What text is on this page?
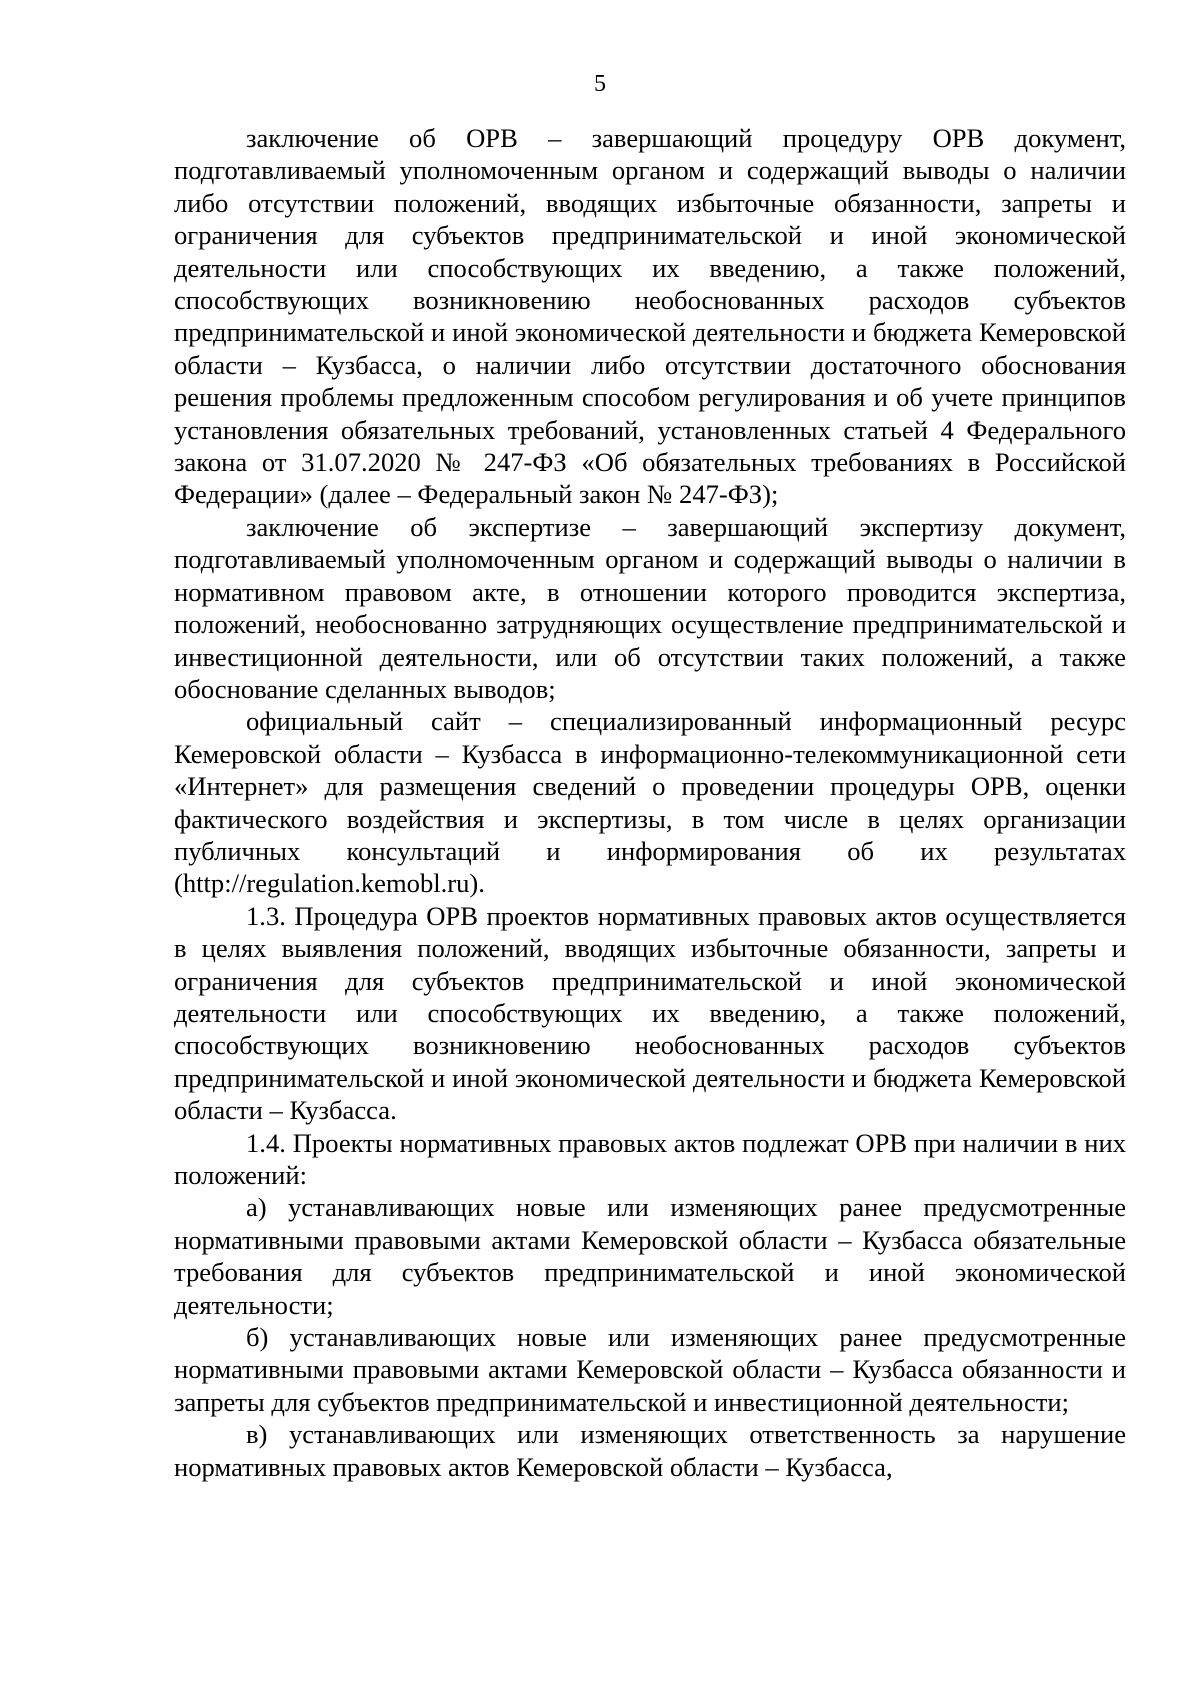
5

заключение об ОРВ – завершающий процедуру ОРВ документ, подготавливаемый уполномоченным органом и содержащий выводы о наличии либо отсутствии положений, вводящих избыточные обязанности, запреты и ограничения для субъектов предпринимательской и иной экономической деятельности или способствующих их введению, а также положений, способствующих возникновению необоснованных расходов субъектов предпринимательской и иной экономической деятельности и бюджета Кемеровской области – Кузбасса, о наличии либо отсутствии достаточного обоснования решения проблемы предложенным способом регулирования и об учете принципов установления обязательных требований, установленных статьей 4 Федерального закона от 31.07.2020 № 247-ФЗ «Об обязательных требованиях в Российской Федерации» (далее – Федеральный закон № 247-ФЗ);

заключение об экспертизе – завершающий экспертизу документ, подготавливаемый уполномоченным органом и содержащий выводы о наличии в нормативном правовом акте, в отношении которого проводится экспертиза, положений, необоснованно затрудняющих осуществление предпринимательской и инвестиционной деятельности, или об отсутствии таких положений, а также обоснование сделанных выводов;

официальный сайт – специализированный информационный ресурс Кемеровской области – Кузбасса в информационно-телекоммуникационной сети «Интернет» для размещения сведений о проведении процедуры ОРВ, оценки фактического воздействия и экспертизы, в том числе в целях организации публичных консультаций и информирования об их результатах (http://regulation.kemobl.ru).

1.3. Процедура ОРВ проектов нормативных правовых актов осуществляется в целях выявления положений, вводящих избыточные обязанности, запреты и ограничения для субъектов предпринимательской и иной экономической деятельности или способствующих их введению, а также положений, способствующих возникновению необоснованных расходов субъектов предпринимательской и иной экономической деятельности и бюджета Кемеровской области – Кузбасса.

1.4. Проекты нормативных правовых актов подлежат ОРВ при наличии в них положений:

а) устанавливающих новые или изменяющих ранее предусмотренные нормативными правовыми актами Кемеровской области – Кузбасса обязательные требования для субъектов предпринимательской и иной экономической деятельности;

б) устанавливающих новые или изменяющих ранее предусмотренные нормативными правовыми актами Кемеровской области – Кузбасса обязанности и запреты для субъектов предпринимательской и инвестиционной деятельности;

в) устанавливающих или изменяющих ответственность за нарушение нормативных правовых актов Кемеровской области – Кузбасса,
